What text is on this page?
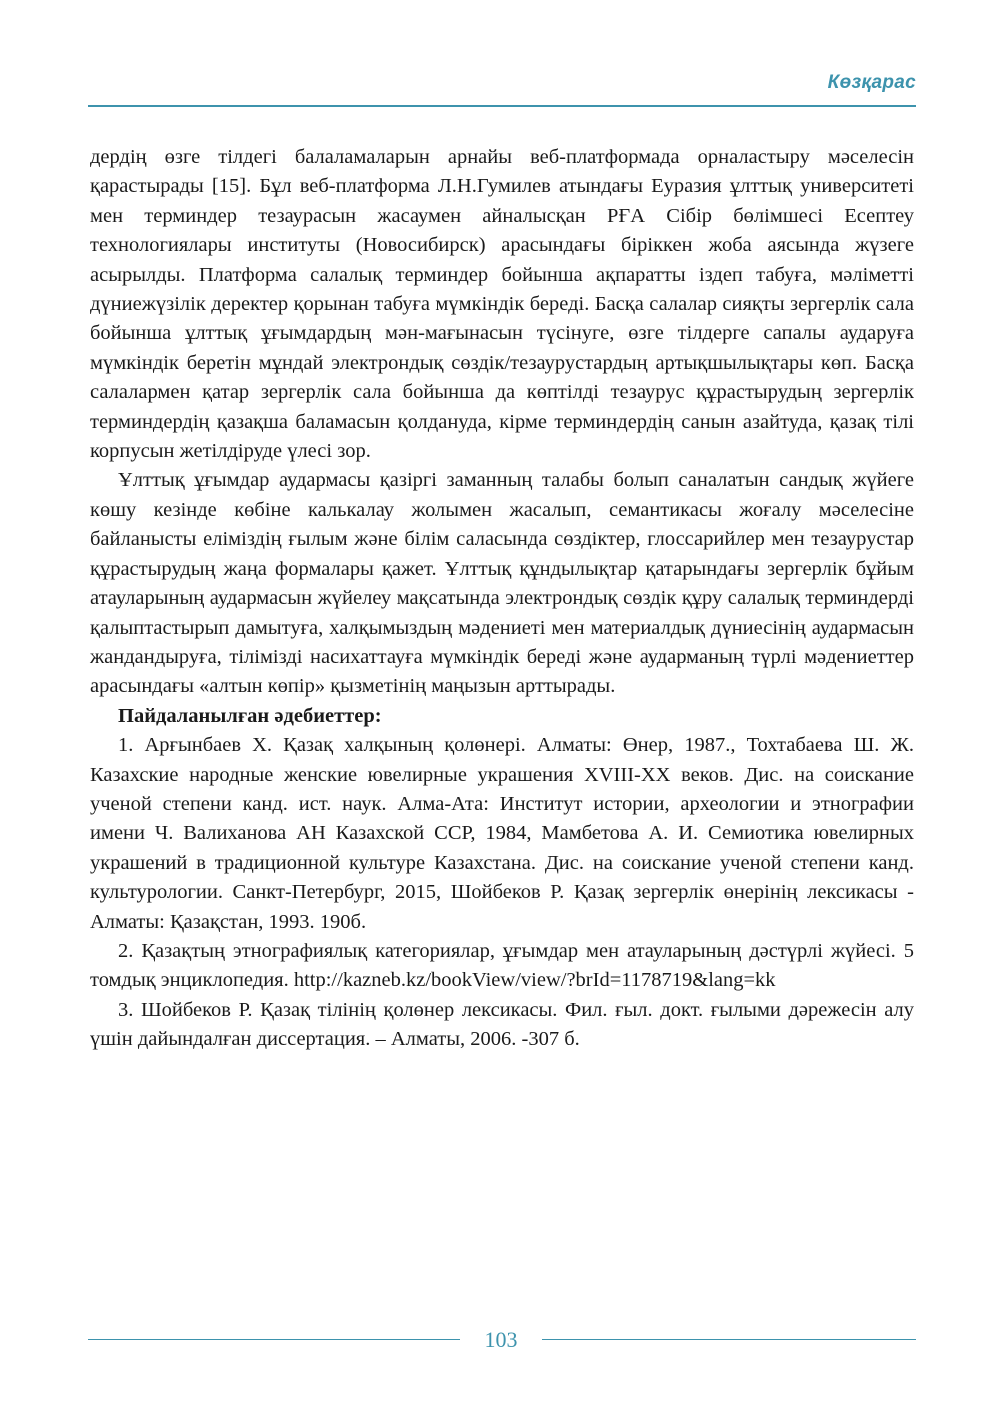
Көзқарас

дердің өзге тілдегі балаламаларын арнайы веб-платформада орналастыру мәселесін қарастырады [15]. Бұл веб-платформа Л.Н.Гумилев атындағы Еуразия ұлттық университеті мен терминдер тезаурасын жасаумен айналысқан РҒА Сібір бөлімшесі Есептеу технологиялары институты (Новосибирск) арасындағы біріккен жоба аясында жүзеге асырылды. Платформа салалық терминдер бойынша ақпаратты іздеп табуға, мәліметті дүниежүзілік деректер қорынан табуға мүмкіндік береді. Басқа салалар сияқты зергерлік сала бойынша ұлттық ұғымдардың мән-мағынасын түсінуге, өзге тілдерге сапалы аударуға мүмкіндік беретін мұндай электрондық сөздік/тезаурустардың артықшылықтары көп. Басқа салалармен қатар зергерлік сала бойынша да көптілді тезаурус құрастырудың зергерлік терминдердің қазақша баламасын қолдануда, кірме терминдердің санын азайтуда, қазақ тілі корпусын жетілдіруде үлесі зор.

Ұлттық ұғымдар аудармасы қазіргі заманның талабы болып саналатын сандық жүйеге көшу кезінде көбіне калькалау жолымен жасалып, семантикасы жоғалу мәселесіне байланысты еліміздің ғылым және білім саласында сөздіктер, глоссарийлер мен тезаурустар құрастырудың жаңа формалары қажет. Ұлттық құндылықтар қатарындағы зергерлік бұйым атауларының аудармасын жүйелеу мақсатында электрондық сөздік құру салалық терминдерді қалыптастырып дамытуға, халқымыздың мәдениеті мен материалдық дүниесінің аудармасын жандандыруға, тілімізді насихаттауға мүмкіндік береді және аударманың түрлі мәдениеттер арасындағы «алтын көпір» қызметінің маңызын арттырады.

Пайдаланылған әдебиеттер:

1. Арғынбаев Х. Қазақ халқының қолөнері. Алматы: Өнер, 1987., Тохтабаева Ш. Ж. Казахские народные женские ювелирные украшения XVIII-XX веков. Дис. на соискание ученой степени канд. ист. наук. Алма-Ата: Институт истории, археологии и этнографии имени Ч. Валиханова АН Казахской ССР, 1984, Мамбетова А. И. Семиотика ювелирных украшений в традиционной культуре Казахстана. Дис. на соискание ученой степени канд. культурологии. Санкт-Петербург, 2015, Шойбеков Р. Қазақ зергерлік өнерінің лексикасы - Алматы: Қазақстан, 1993. 190б.

2. Қазақтың этнографиялық категориялар, ұғымдар мен атауларының дәстүрлі жүйесі. 5 томдық энциклопедия. http://kazneb.kz/bookView/view/?brId=1178719&lang=kk

3. Шойбеков Р. Қазақ тілінің қолөнер лексикасы. Фил. ғыл. докт. ғылыми дәрежесін алу үшін дайындалған диссертация. – Алматы, 2006. -307 б.

103
